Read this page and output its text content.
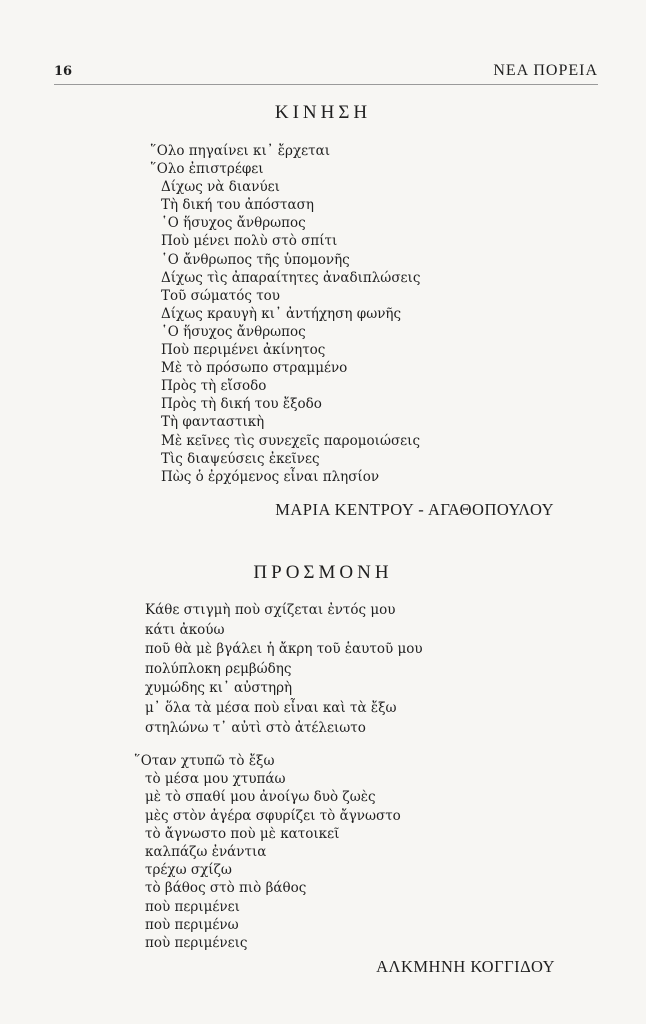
16	ΝΕΑ ΠΟΡΕΙΑ
ΚΙΝΗΣΗ
῞Ολο πηγαίνει κι᾽ ἔρχεται
῞Ολο ἐπιστρέφει
Δίχως νὰ διανύει
Τὴ δική του ἀπόσταση
῾Ο ἥσυχος ἄνθρωπος
Ποὺ μένει πολὺ στὸ σπίτι
῾Ο ἄνθρωπος τῆς ὑπομονῆς
Δίχως τὶς ἀπαραίτητες ἀναδιπλώσεις
Τοῦ σώματός του
Δίχως κραυγὴ κι᾽ ἀντήχηση φωνῆς
῾Ο ἥσυχος ἄνθρωπος
Ποὺ περιμένει ἀκίνητος
Μὲ τὸ πρόσωπο στραμμένο
Πρὸς τὴ εἴσοδο
Πρὸς τὴ δική του ἔξοδο
Τὴ φανταστικὴ
Μὲ κεῖνες τὶς συνεχεῖς παρομοιώσεις
Τὶς διαψεύσεις ἐκεῖνες
Πὼς ὁ ἐρχόμενος εἶναι πλησίον
ΜΑΡΙΑ ΚΕΝΤΡΟΥ - ΑΓΑΘΟΠΟΥΛΟΥ
ΠΡΟΣΜΟΝΗ
Κάθε στιγμὴ ποὺ σχίζεται ἐντός μου
κάτι ἀκούω
ποῦ θὰ μὲ βγάλει ἡ ἄκρη τοῦ ἑαυτοῦ μου
πολύπλοκη ρεμβώδης
χυμώδης κι᾽ αὐστηρὴ
μ᾽ ὅλα τὰ μέσα ποὺ εἶναι καὶ τὰ ἔξω
στηλώνω τ᾽ αὐτὶ στὸ ἀτέλειωτο
῞Οταν χτυπῶ τὸ ἔξω
τὸ μέσα μου χτυπάω
μὲ τὸ σπαθί μου ἀνοίγω δυὸ ζωὲς
μὲς στὸν ἀγέρα σφυρίζει τὸ ἄγνωστο
τὸ ἄγνωστο ποὺ μὲ κατοικεῖ
καλπάζω ἐνάντια
τρέχω σχίζω
τὸ βάθος στὸ πιὸ βάθος
ποὺ περιμένει
ποὺ περιμένω
ποὺ περιμένεις
ΑΛΚΜΗΝΗ ΚΟΓΓΙΔΟΥ
